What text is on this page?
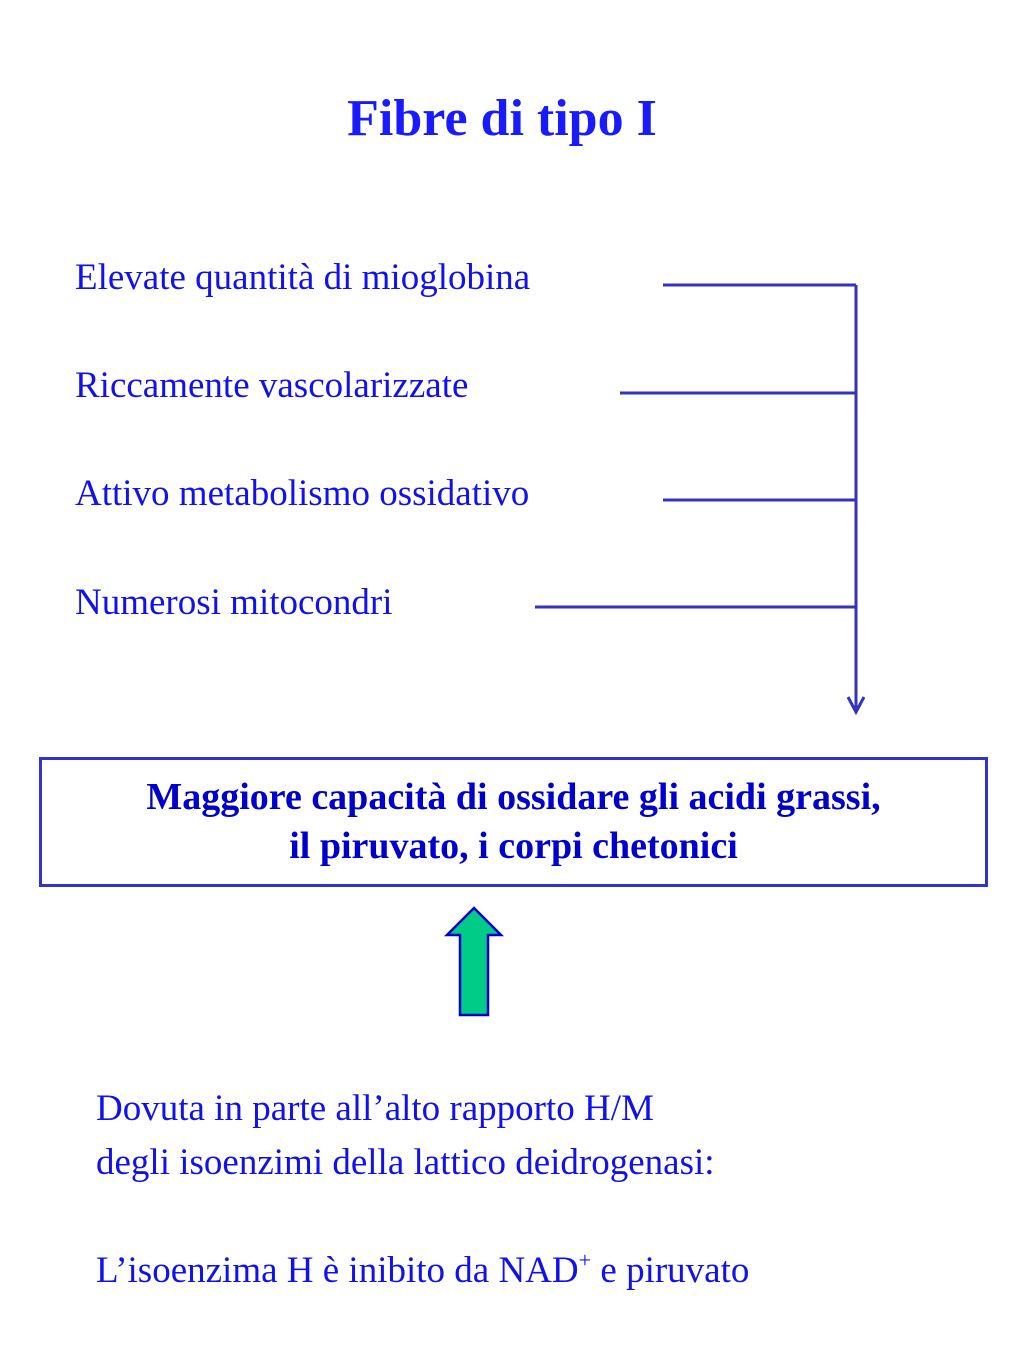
Fibre di tipo I
Elevate quantità di mioglobina
Riccamente vascolarizzate
Attivo metabolismo ossidativo
Numerosi mitocondri
Maggiore capacità di ossidare gli acidi grassi,
il piruvato, i corpi chetonici
Dovuta in parte all’alto rapporto H/M
degli isoenzimi della lattico deidrogenasi:
L’isoenzima H è inibito da NAD+ e piruvato
